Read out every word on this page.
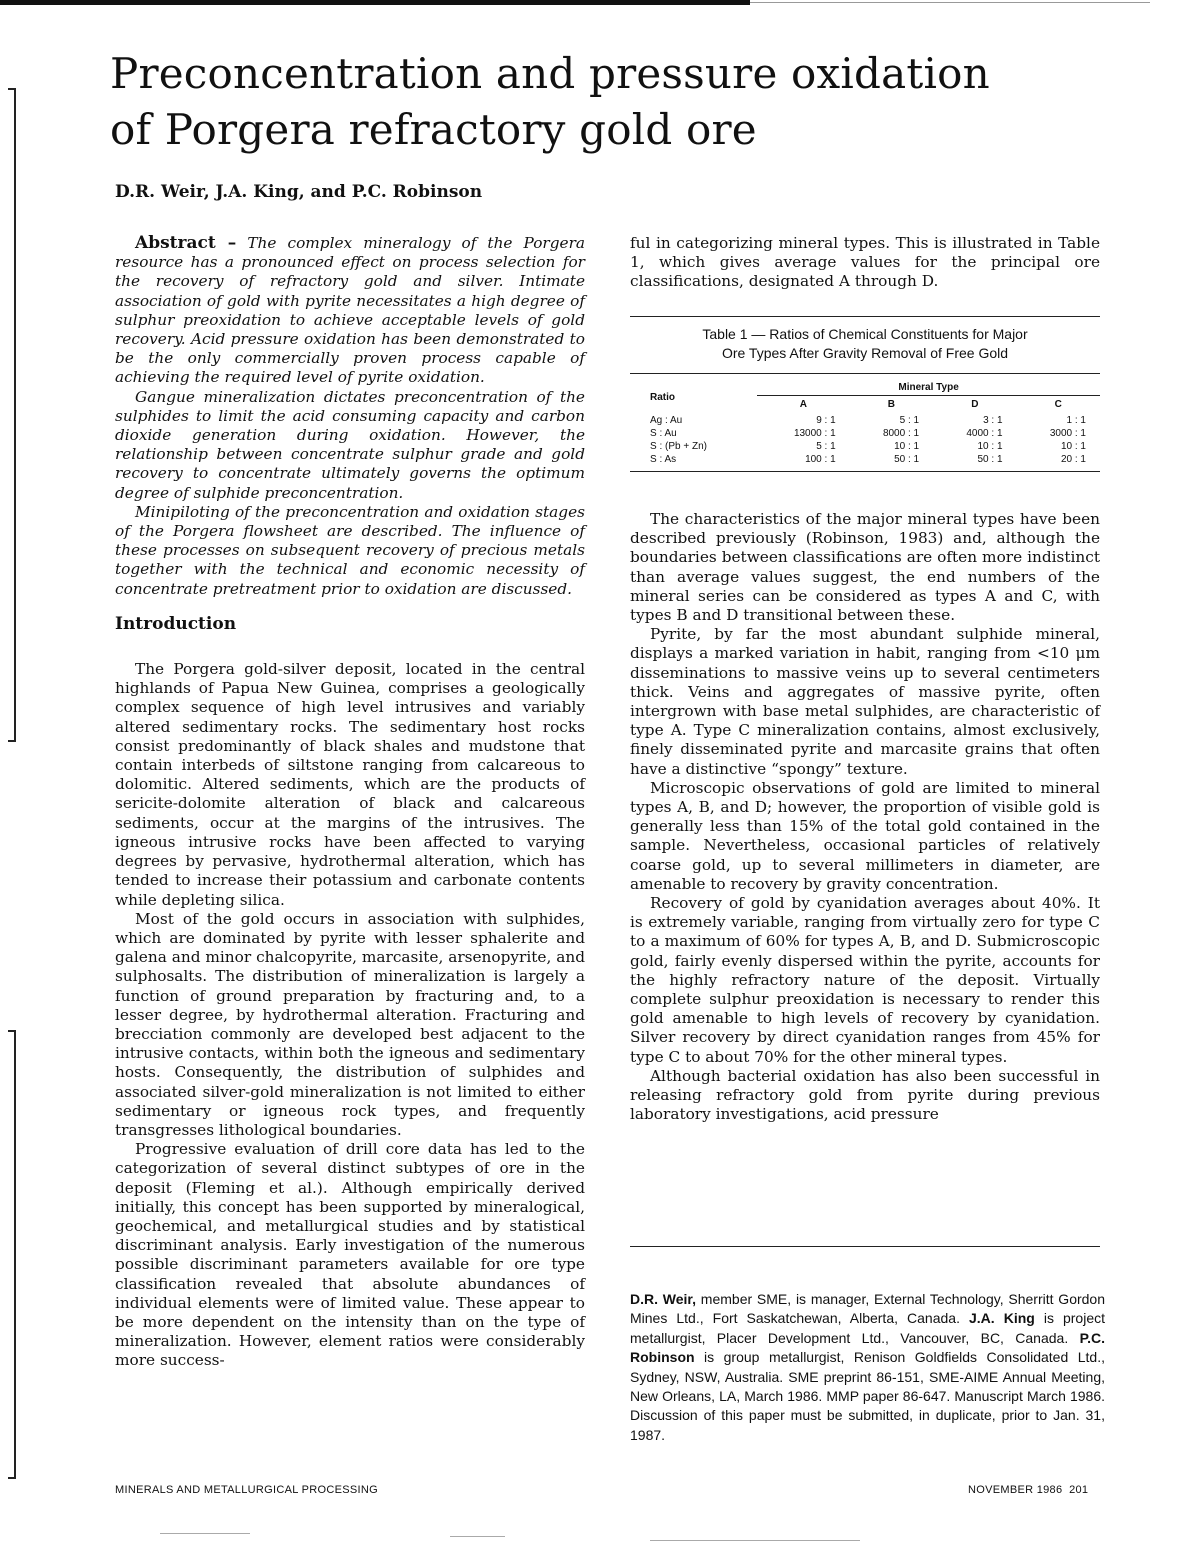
Preconcentration and pressure oxidation
of Porgera refractory gold ore
D.R. Weir, J.A. King, and P.C. Robinson

Abstract – The complex mineralogy of the Porgera resource has a pronounced effect on process selection for the recovery of refractory gold and silver. Intimate association of gold with pyrite necessitates a high degree of sulphur preoxidation to achieve acceptable levels of gold recovery. Acid pressure oxidation has been demonstrated to be the only commercially proven process capable of achieving the required level of pyrite oxidation.

Gangue mineralization dictates preconcentration of the sulphides to limit the acid consuming capacity and carbon dioxide generation during oxidation. However, the relationship between concentrate sulphur grade and gold recovery to concentrate ultimately governs the optimum degree of sulphide preconcentration.

Minipiloting of the preconcentration and oxidation stages of the Porgera flowsheet are described. The influence of these processes on subsequent recovery of precious metals together with the technical and economic necessity of concentrate pretreatment prior to oxidation are discussed.

Introduction

The Porgera gold-silver deposit, located in the central highlands of Papua New Guinea, comprises a geologically complex sequence of high level intrusives and variably altered sedimentary rocks. The sedimentary host rocks consist predominantly of black shales and mudstone that contain interbeds of siltstone ranging from calcareous to dolomitic. Altered sediments, which are the products of sericite-dolomite alteration of black and calcareous sediments, occur at the margins of the intrusives. The igneous intrusive rocks have been affected to varying degrees by pervasive, hydrothermal alteration, which has tended to increase their potassium and carbonate contents while depleting silica.

Most of the gold occurs in association with sulphides, which are dominated by pyrite with lesser sphalerite and galena and minor chalcopyrite, marcasite, arsenopyrite, and sulphosalts. The distribution of mineralization is largely a function of ground preparation by fracturing and, to a lesser degree, by hydrothermal alteration. Fracturing and brecciation commonly are developed best adjacent to the intrusive contacts, within both the igneous and sedimentary hosts. Consequently, the distribution of sulphides and associated silver-gold mineralization is not limited to either sedimentary or igneous rock types, and frequently transgresses lithological boundaries.

Progressive evaluation of drill core data has led to the categorization of several distinct subtypes of ore in the deposit (Fleming et al.). Although empirically derived initially, this concept has been supported by mineralogical, geochemical, and metallurgical studies and by statistical discriminant analysis. Early investigation of the numerous possible discriminant parameters available for ore type classification revealed that absolute abundances of individual elements were of limited value. These appear to be more dependent on the intensity than on the type of mineralization. However, element ratios were considerably more success-

ful in categorizing mineral types. This is illustrated in Table 1, which gives average values for the principal ore classifications, designated A through D.

Table 1 — Ratios of Chemical Constituents for Major
Ore Types After Gravity Removal of Free Gold
Ratio	Mineral Type			
	A	B	D	C
Ag : Au	9 : 1	5 : 1	3 : 1	1 : 1
S : Au	13000 : 1	8000 : 1	4000 : 1	3000 : 1
S : (Pb + Zn)	5 : 1	10 : 1	10 : 1	10 : 1
S : As	100 : 1	50 : 1	50 : 1	20 : 1

The characteristics of the major mineral types have been described previously (Robinson, 1983) and, although the boundaries between classifications are often more indistinct than average values suggest, the end numbers of the mineral series can be considered as types A and C, with types B and D transitional between these.

Pyrite, by far the most abundant sulphide mineral, displays a marked variation in habit, ranging from <10 μm disseminations to massive veins up to several centimeters thick. Veins and aggregates of massive pyrite, often intergrown with base metal sulphides, are characteristic of type A. Type C mineralization contains, almost exclusively, finely disseminated pyrite and marcasite grains that often have a distinctive “spongy” texture.

Microscopic observations of gold are limited to mineral types A, B, and D; however, the proportion of visible gold is generally less than 15% of the total gold contained in the sample. Nevertheless, occasional particles of relatively coarse gold, up to several millimeters in diameter, are amenable to recovery by gravity concentration.

Recovery of gold by cyanidation averages about 40%. It is extremely variable, ranging from virtually zero for type C to a maximum of 60% for types A, B, and D. Submicroscopic gold, fairly evenly dispersed within the pyrite, accounts for the highly refractory nature of the deposit. Virtually complete sulphur preoxidation is necessary to render this gold amenable to high levels of recovery by cyanidation. Silver recovery by direct cyanidation ranges from 45% for type C to about 70% for the other mineral types.

Although bacterial oxidation has also been successful in releasing refractory gold from pyrite during previous laboratory investigations, acid pressure

D.R. Weir, member SME, is manager, External Technology, Sherritt Gordon Mines Ltd., Fort Saskatchewan, Alberta, Canada. J.A. King is project metallurgist, Placer Development Ltd., Vancouver, BC, Canada. P.C. Robinson is group metallurgist, Renison Goldfields Consolidated Ltd., Sydney, NSW, Australia. SME preprint 86-151, SME-AIME Annual Meeting, New Orleans, LA, March 1986. MMP paper 86-647. Manuscript March 1986. Discussion of this paper must be submitted, in duplicate, prior to Jan. 31, 1987.
MINERALS AND METALLURGICAL PROCESSING	NOVEMBER 1986  201
